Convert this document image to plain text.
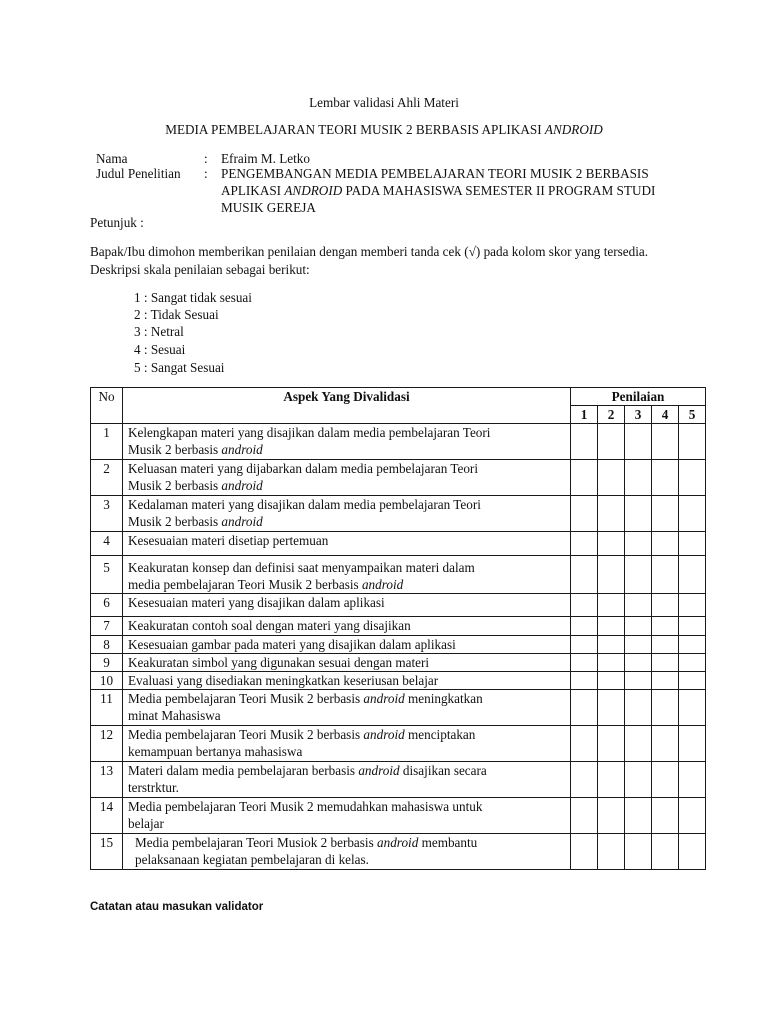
Lembar validasi Ahli Materi
MEDIA PEMBELAJARAN TEORI MUSIK 2 BERBASIS APLIKASI ANDROID
Nama	: Efraim M. Letko
Judul Penelitian : PENGEMBANGAN MEDIA PEMBELAJARAN TEORI MUSIK 2 BERBASIS
APLIKASI ANDROID PADA MAHASISWA SEMESTER II PROGRAM STUDI
MUSIK GEREJA
Petunjuk :
Bapak/Ibu dimohon memberikan penilaian dengan memberi tanda cek (√) pada kolom skor yang tersedia.
Deskripsi skala penilaian sebagai berikut:
1 : Sangat tidak sesuai
2 : Tidak Sesuai
3 : Netral
4 : Sesuai
5 : Sangat Sesuai
No	Aspek Yang Divalidasi	Penilaian				
		1	2	3	4	5
1	Kelengkapan materi yang disajikan dalam media pembelajaran Teori
Musik 2 berbasis android					
2	Keluasan materi yang dijabarkan dalam media pembelajaran Teori
Musik 2 berbasis android					
3	Kedalaman materi yang disajikan dalam media pembelajaran Teori
Musik 2 berbasis android					
4	Kesesuaian materi disetiap pertemuan					
5	Keakuratan konsep dan definisi saat menyampaikan materi dalam
media pembelajaran Teori Musik 2 berbasis android					
6	Kesesuaian materi yang disajikan dalam aplikasi					
7	Keakuratan contoh soal dengan materi yang disajikan					
8	Kesesuaian gambar pada materi yang disajikan dalam aplikasi					
9	Keakuratan simbol yang digunakan sesuai dengan materi					
10	Evaluasi yang disediakan meningkatkan keseriusan belajar					
11	Media pembelajaran Teori Musik 2 berbasis android meningkatkan
minat Mahasiswa					
12	Media pembelajaran Teori Musik 2 berbasis android menciptakan
kemampuan bertanya mahasiswa					
13	Materi dalam media pembelajaran berbasis android disajikan secara
terstrktur.					
14	Media pembelajaran Teori Musik 2 memudahkan mahasiswa untuk
belajar					
15	Media pembelajaran Teori Musiok 2 berbasis android membantu
pelaksanaan kegiatan pembelajaran di kelas.					
Catatan atau masukan validator
